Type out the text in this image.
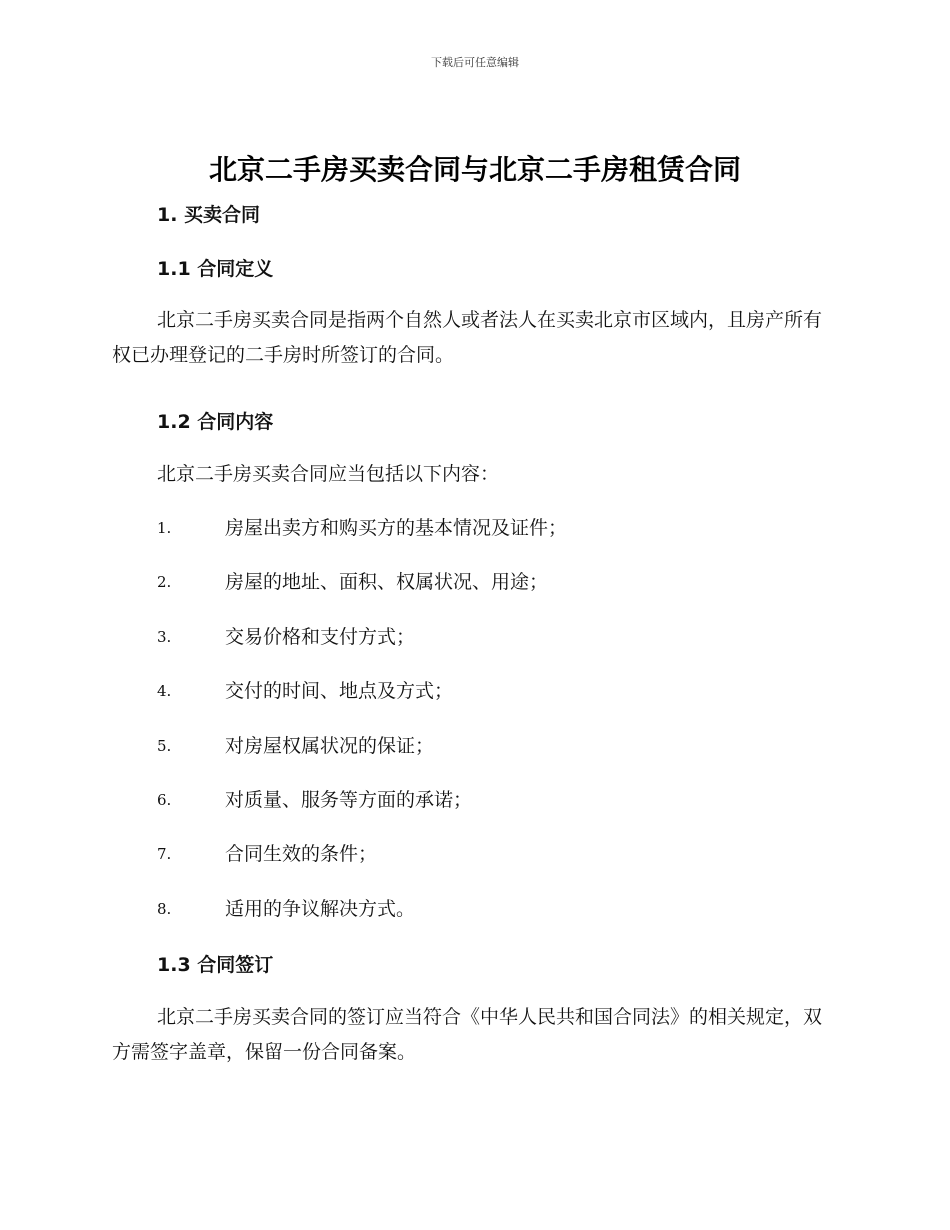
下载后可任意编辑
北京二手房买卖合同与北京二手房租赁合同
1. 买卖合同
1.1 合同定义

北京二手房买卖合同是指两个自然人或者法人在买卖北京市区域内，且房产所有权已办理登记的二手房时所签订的合同。

1.2 合同内容

北京二手房买卖合同应当包括以下内容：

1.	房屋出卖方和购买方的基本情况及证件；
2.	房屋的地址、面积、权属状况、用途；
3.	交易价格和支付方式；
4.	交付的时间、地点及方式；
5.	对房屋权属状况的保证；
6.	对质量、服务等方面的承诺；
7.	合同生效的条件；
8.	适用的争议解决方式。
1.3 合同签订

北京二手房买卖合同的签订应当符合《中华人民共和国合同法》的相关规定，双方需签字盖章，保留一份合同备案。
